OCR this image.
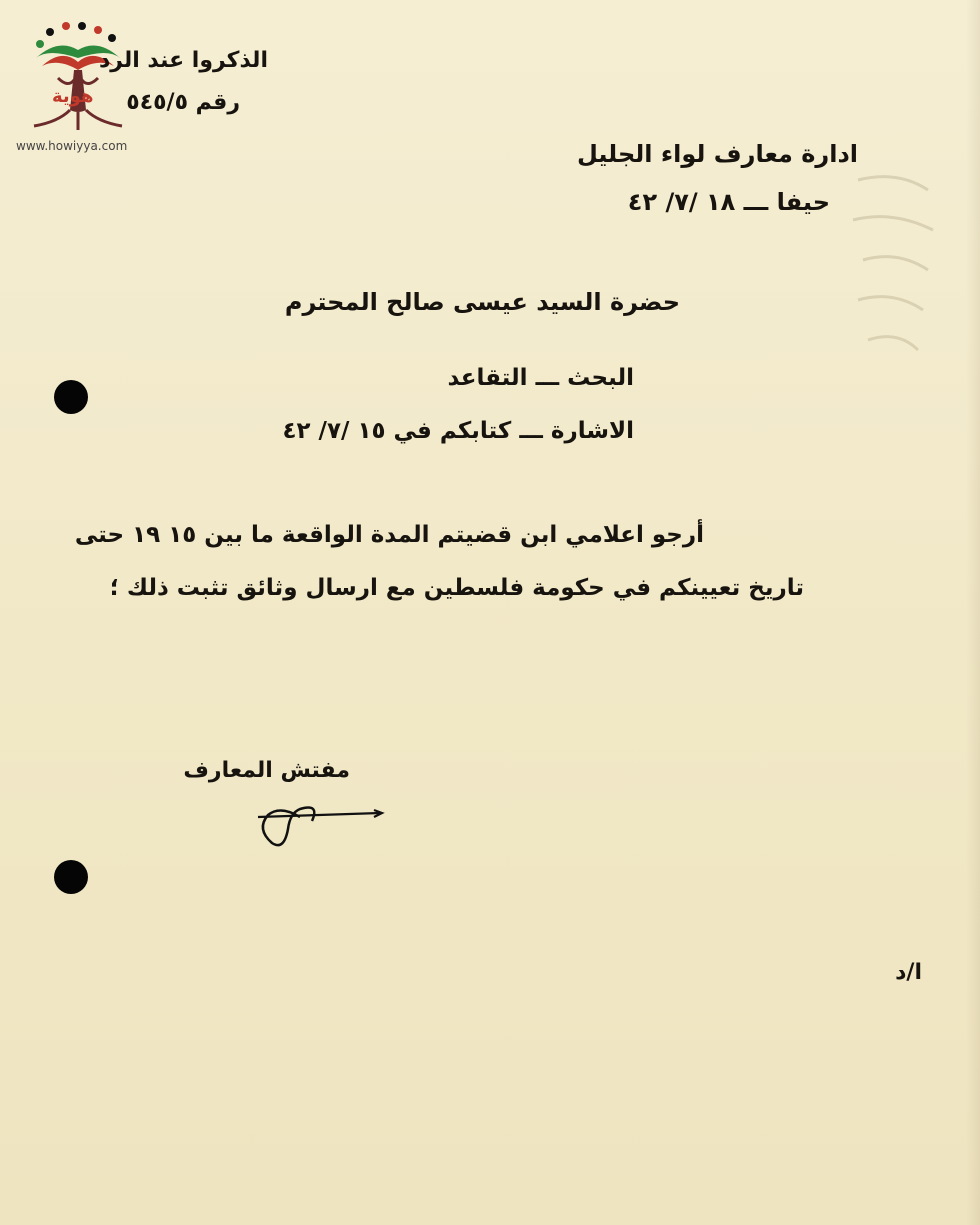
هوية
www.howiyya.com
الذكروا عند الرد
رقم ٥٤٥/٥
ادارة معارف لواء الجليل
حيفا ـــ ١٨ /٧/ ٤٢
حضرة السيد عيسى صالح المحترم
البحث ـــ التقاعد
الاشارة ـــ كتابكم في ١٥ /٧/ ٤٢
أرجو اعلامي ابن قضيتم المدة الواقعة ما بين ١٥ ١٩ حتى
تاريخ تعيينكم في حكومة فلسطين مع ارسال وثائق تثبت ذلك ؛
مفتش المعارف
ا/د
